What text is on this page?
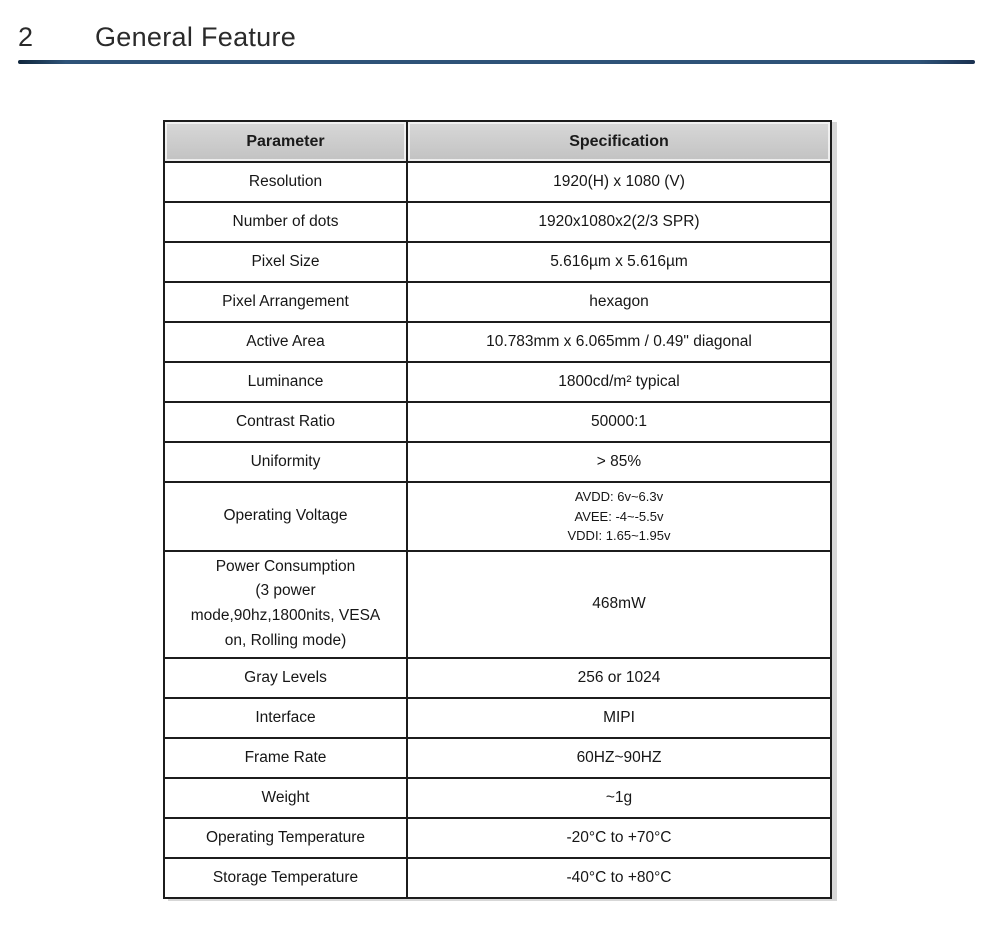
2	General Feature
Parameter	Specification
Resolution	1920(H) x 1080 (V)
Number of dots	1920x1080x2(2/3 SPR)
Pixel Size	5.616µm x 5.616µm
Pixel Arrangement	hexagon
Active Area	10.783mm x 6.065mm / 0.49" diagonal
Luminance	1800cd/m² typical
Contrast Ratio	50000:1
Uniformity	> 85%
Operating Voltage	AVDD: 6v~6.3v
AVEE: -4~-5.5v
VDDI: 1.65~1.95v

Power Consumption
(3 power
mode,90hz,1800nits, VESA
on, Rolling mode)	468mW
Gray Levels	256 or 1024
Interface	MIPI
Frame Rate	60HZ~90HZ
Weight	~1g
Operating Temperature	-20°C to +70°C
Storage Temperature	-40°C to +80°C
